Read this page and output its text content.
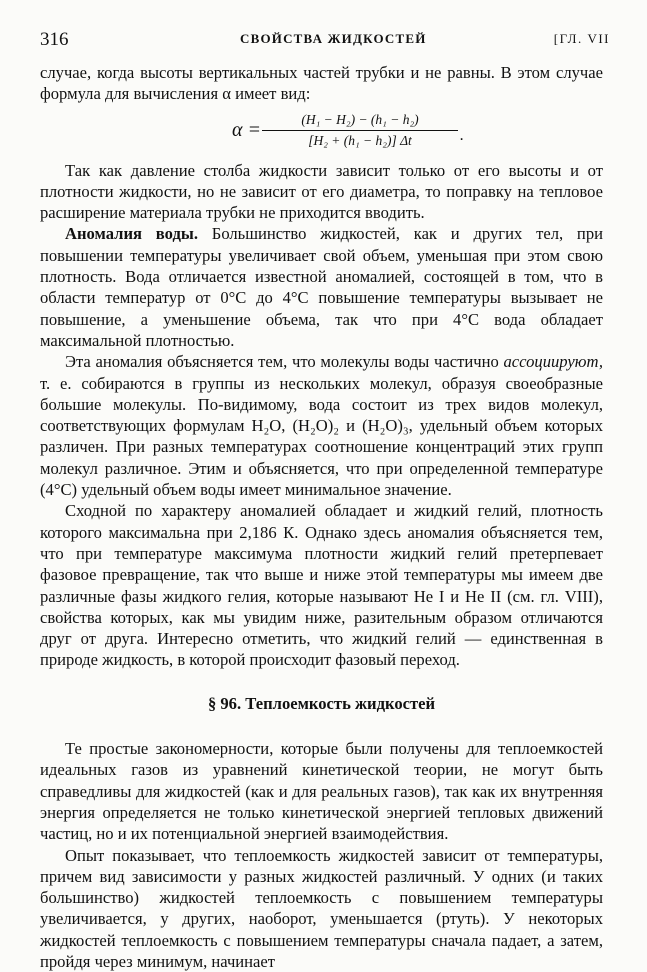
316	СВОЙСТВА ЖИДКОСТЕЙ	[ГЛ. VII

случае, когда высоты вертикальных частей трубки и не равны. В этом случае формула для вычисления α имеет вид:

α =	(H₁ − H₂) − (h₁ − h₂)
[H₂ + (h₁ − h₂)] Δt	.

Так как давление столба жидкости зависит только от его высоты и от плотности жидкости, но не зависит от его диаметра, то поправку на тепловое расширение материала трубки не приходится вводить.

Аномалия воды. Большинство жидкостей, как и других тел, при повышении температуры увеличивает свой объем, уменьшая при этом свою плотность. Вода отличается известной аномалией, состоящей в том, что в области температур от 0°С до 4°С повышение температуры вызывает не повышение, а уменьшение объема, так что при 4°С вода обладает максимальной плотностью.

Эта аномалия объясняется тем, что молекулы воды частично ассоциируют, т. е. собираются в группы из нескольких молекул, образуя своеобразные большие молекулы. По-видимому, вода состоит из трех видов молекул, соответствующих формулам H₂O, (H₂O)₂ и (H₂O)₃, удельный объем которых различен. При разных температурах соотношение концентраций этих групп молекул различное. Этим и объясняется, что при определенной температуре (4°С) удельный объем воды имеет минимальное значение.

Сходной по характеру аномалией обладает и жидкий гелий, плотность которого максимальна при 2,186 К. Однако здесь аномалия объясняется тем, что при температуре максимума плотности жидкий гелий претерпевает фазовое превращение, так что выше и ниже этой температуры мы имеем две различные фазы жидкого гелия, которые называют He I и He II (см. гл. VIII), свойства которых, как мы увидим ниже, разительным образом отличаются друг от друга. Интересно отметить, что жидкий гелий — единственная в природе жидкость, в которой происходит фазовый переход.

§ 96. Теплоемкость жидкостей

Те простые закономерности, которые были получены для теплоемкостей идеальных газов из уравнений кинетической теории, не могут быть справедливы для жидкостей (как и для реальных газов), так как их внутренняя энергия определяется не только кинетической энергией тепловых движений частиц, но и их потенциальной энергией взаимодействия.

Опыт показывает, что теплоемкость жидкостей зависит от температуры, причем вид зависимости у разных жидкостей различный. У одних (и таких большинство) жидкостей теплоемкость с повышением температуры увеличивается, у других, наоборот, уменьшается (ртуть). У некоторых жидкостей теплоемкость с повышением температуры сначала падает, а затем, пройдя через минимум, начинает
